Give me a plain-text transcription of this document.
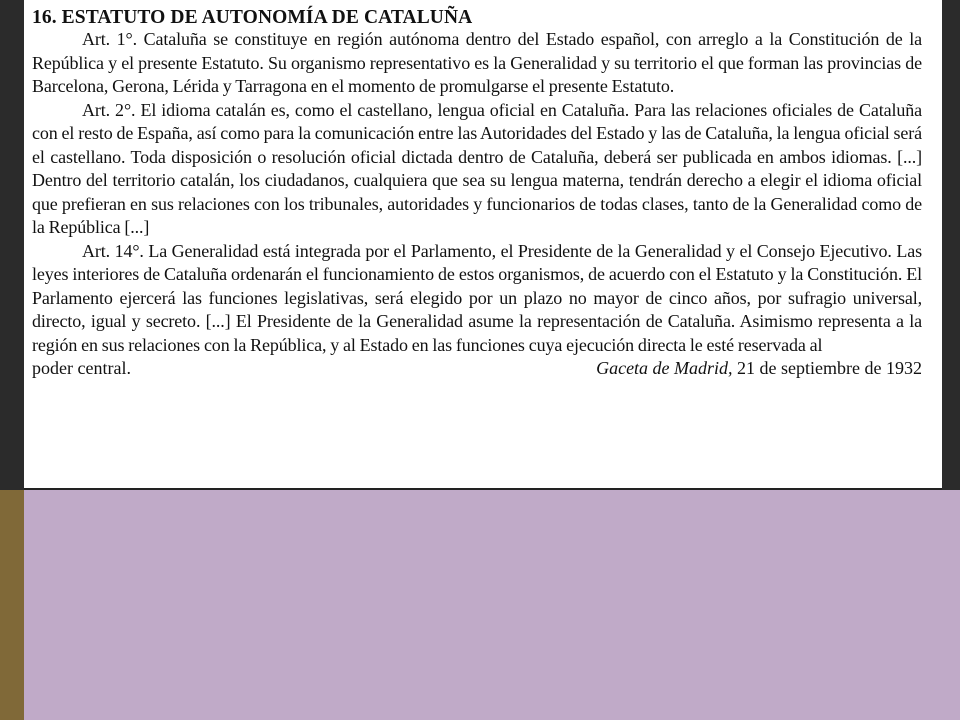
16. ESTATUTO DE AUTONOMÍA DE CATALUÑA

Art. 1°. Cataluña se constituye en región autónoma dentro del Estado español, con arreglo a la Constitución de la República y el presente Estatuto. Su organismo representativo es la Generalidad y su territorio el que forman las provincias de Barcelona, Gerona, Lérida y Tarragona en el momento de promulgarse el presente Estatuto.

Art. 2°. El idioma catalán es, como el castellano, lengua oficial en Cataluña. Para las relaciones oficiales de Cataluña con el resto de España, así como para la comunicación entre las Autoridades del Estado y las de Cataluña, la lengua oficial será el castellano. Toda disposición o resolución oficial dictada dentro de Cataluña, deberá ser publicada en ambos idiomas. [...] Dentro del territorio catalán, los ciudadanos, cualquiera que sea su lengua materna, tendrán derecho a elegir el idioma oficial que prefieran en sus relaciones con los tribunales, autoridades y funcionarios de todas clases, tanto de la Generalidad como de la República [...]

Art. 14°. La Generalidad está integrada por el Parlamento, el Presidente de la Generalidad y el Consejo Ejecutivo. Las leyes interiores de Cataluña ordenarán el funcionamiento de estos organismos, de acuerdo con el Estatuto y la Constitución. El Parlamento ejercerá las funciones legislativas, será elegido por un plazo no mayor de cinco años, por sufragio universal, directo, igual y secreto. [...] El Presidente de la Generalidad asume la representación de Cataluña. Asimismo representa a la región en sus relaciones con la República, y al Estado en las funciones cuya ejecución directa le esté reservada al

poder central.	Gaceta de Madrid, 21 de septiembre de 1932
